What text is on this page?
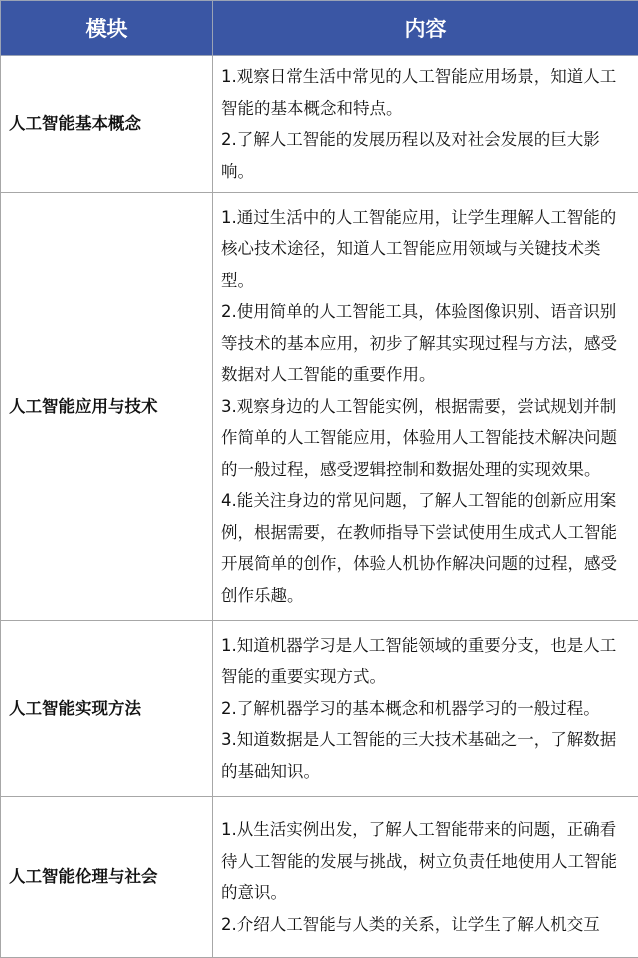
模块	内容
人工智能基本概念	1.观察日常生活中常见的人工智能应用场景，知道人工智能的基本概念和特点。

2.了解人工智能的发展历程以及对社会发展的巨大影响。

人工智能应用与技术	1.通过生活中的人工智能应用，让学生理解人工智能的核心技术途径，知道人工智能应用领域与关键技术类型。

2.使用简单的人工智能工具，体验图像识别、语音识别等技术的基本应用，初步了解其实现过程与方法，感受数据对人工智能的重要作用。

3.观察身边的人工智能实例，根据需要，尝试规划并制作简单的人工智能应用，体验用人工智能技术解决问题的一般过程，感受逻辑控制和数据处理的实现效果。

4.能关注身边的常见问题，了解人工智能的创新应用案例，根据需要，在教师指导下尝试使用生成式人工智能开展简单的创作，体验人机协作解决问题的过程，感受创作乐趣。

人工智能实现方法	1.知道机器学习是人工智能领域的重要分支，也是人工智能的重要实现方式。

2.了解机器学习的基本概念和机器学习的一般过程。

3.知道数据是人工智能的三大技术基础之一，了解数据的基础知识。

人工智能伦理与社会	1.从生活实例出发，了解人工智能带来的问题，正确看待人工智能的发展与挑战，树立负责任地使用人工智能的意识。

2.介绍人工智能与人类的关系，让学生了解人机交互
